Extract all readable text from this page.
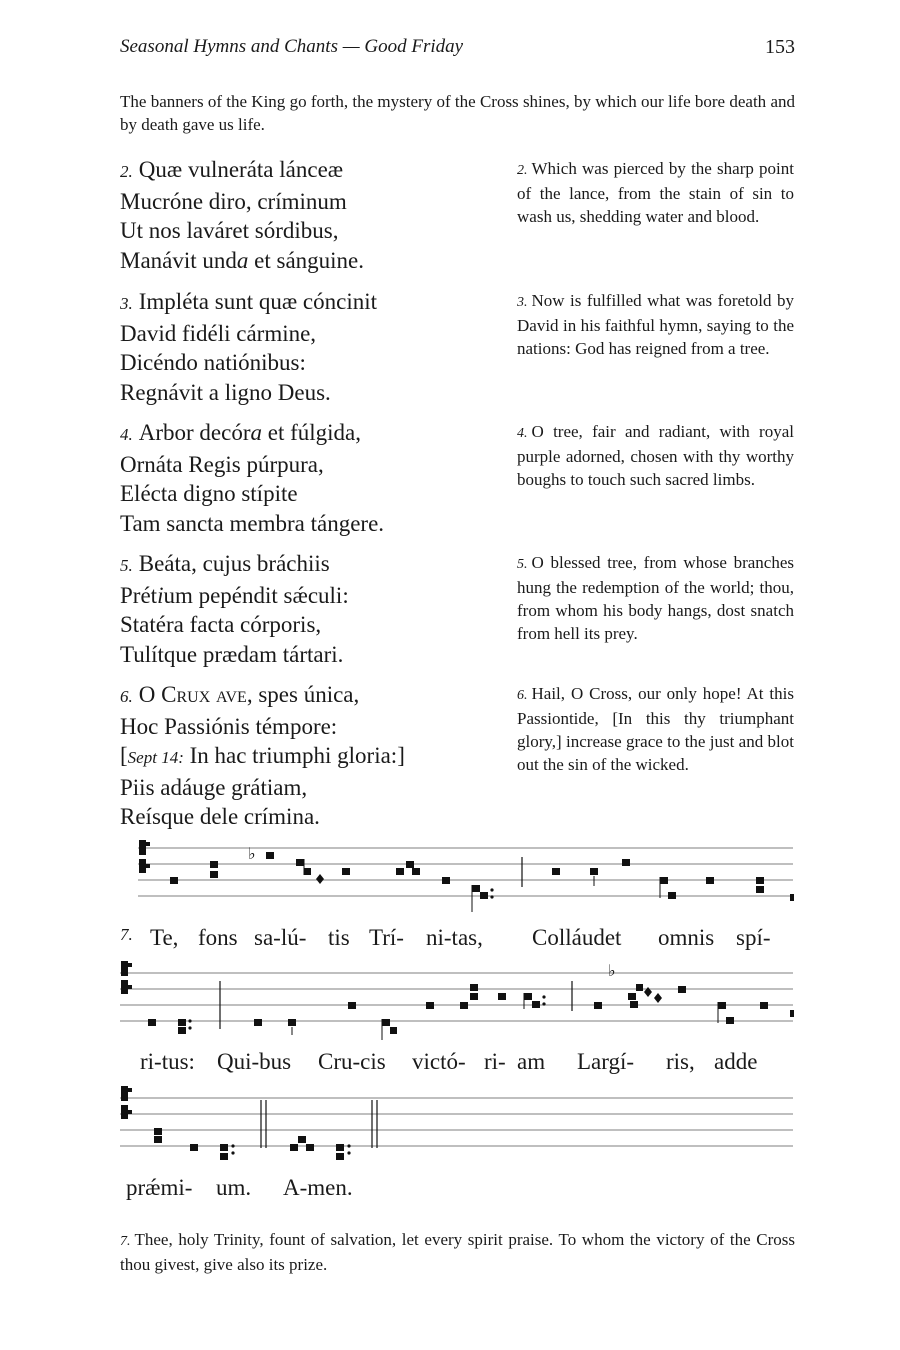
Seasonal Hymns and Chants — Good Friday	153
The banners of the King go forth, the mystery of the Cross shines, by which our life bore death and by death gave us life.
2. Quæ vulneráta lánceæ
Mucróne diro, críminum
Ut nos laváret sórdibus,
Manávit unda et sánguine.
2. Which was pierced by the sharp point of the lance, from the stain of sin to wash us, shedding water and blood.
3. Impléta sunt quæ cóncinit
David fidéli cármine,
Dicéndo natiónibus:
Regnávit a ligno Deus.
3. Now is fulfilled what was foretold by David in his faithful hymn, saying to the nations: God has reigned from a tree.
4. Arbor decóra et fúlgida,
Ornáta Regis púrpura,
Elécta digno stípite
Tam sancta membra tángere.
4. O tree, fair and radiant, with royal purple adorned, chosen with thy worthy boughs to touch such sacred limbs.
5. Beáta, cujus bráchiis
Prétium pepéndit sǽculi:
Statéra facta córporis,
Tulítque prædam tártari.
5. O blessed tree, from whose branches hung the redemption of the world; thou, from whom his body hangs, dost snatch from hell its prey.
6. O Crux ave, spes única,
Hoc Passiónis témpore:
[Sept 14: In hac triumphi gloria:]
Piis adáuge grátiam,
Reísque dele crímina.
6. Hail, O Cross, our only hope! At this Passiontide, [In this thy triumphant glory,] increase grace to the just and blot out the sin of the wicked.
♭
7. Te, fons sa-lú- tis Trí- ni-tas, Colláudet omnis spí-
♭
ri-tus: Qui-bus Cru-cis victó- ri- am Largí- ris, adde
prǽmi- um. A-men.
7. Thee, holy Trinity, fount of salvation, let every spirit praise. To whom the victory of the Cross thou givest, give also its prize.
